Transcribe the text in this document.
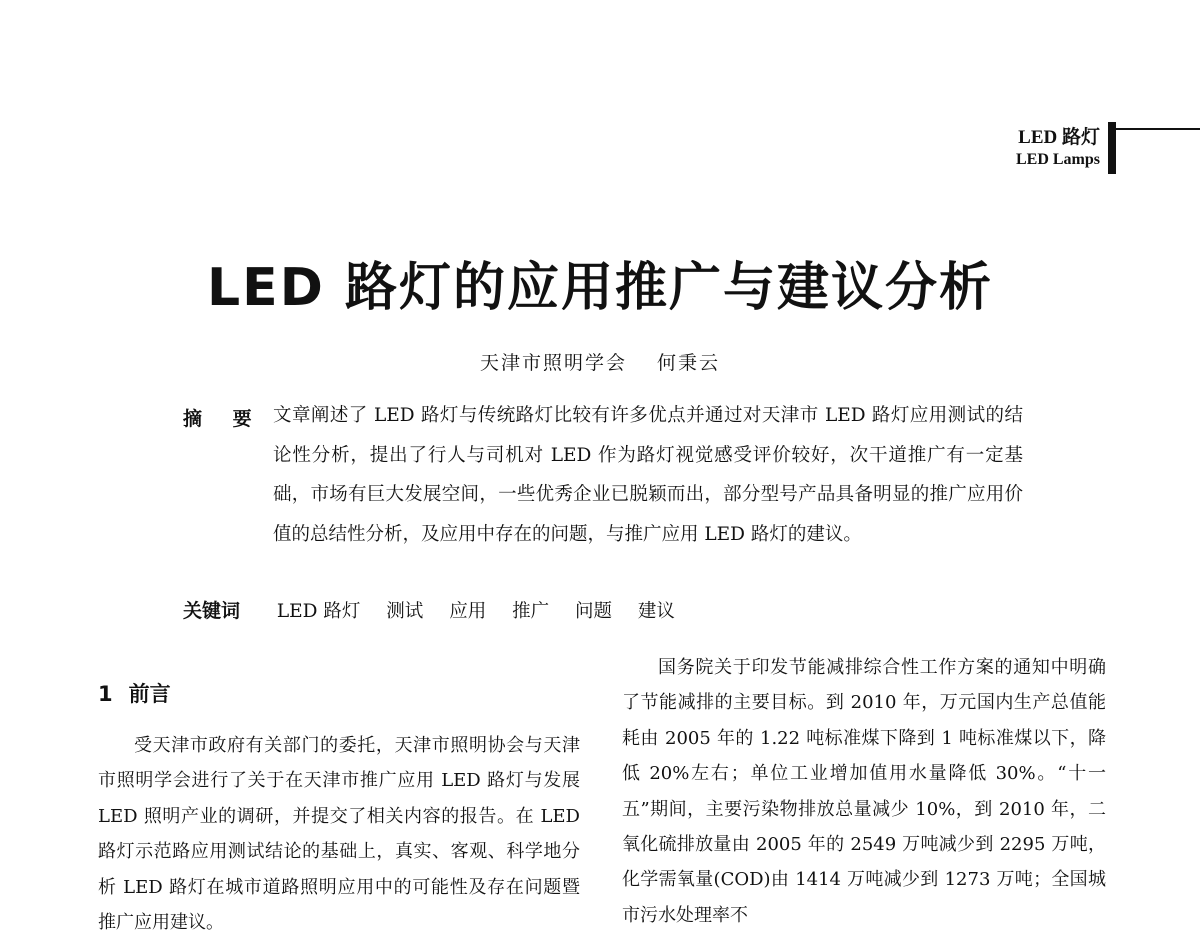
LED 路灯
LED Lamps
LED 路灯的应用推广与建议分析
天津市照明学会 何秉云
摘 要 文章阐述了 LED 路灯与传统路灯比较有许多优点并通过对天津市 LED 路灯应用测试的结论性分析，提出了行人与司机对 LED 作为路灯视觉感受评价较好，次干道推广有一定基础，市场有巨大发展空间，一些优秀企业已脱颖而出，部分型号产品具备明显的推广应用价值的总结性分析，及应用中存在的问题，与推广应用 LED 路灯的建议。
关键词 LED 路灯 测试 应用 推广 问题 建议
1 前言

受天津市政府有关部门的委托，天津市照明协会与天津市照明学会进行了关于在天津市推广应用 LED 路灯与发展 LED 照明产业的调研，并提交了相关内容的报告。在 LED 路灯示范路应用测试结论的基础上，真实、客观、科学地分析 LED 路灯在城市道路照明应用中的可能性及存在问题暨推广应用建议。

国务院关于印发节能减排综合性工作方案的通知中明确了节能减排的主要目标。到 2010 年，万元国内生产总值能耗由 2005 年的 1.22 吨标准煤下降到 1 吨标准煤以下，降低 20%左右；单位工业增加值用水量降低 30%。“十一五”期间，主要污染物排放总量减少 10%，到 2010 年，二氧化硫排放量由 2005 年的 2549 万吨减少到 2295 万吨，化学需氧量(COD)由 1414 万吨减少到 1273 万吨；全国城市污水处理率不
